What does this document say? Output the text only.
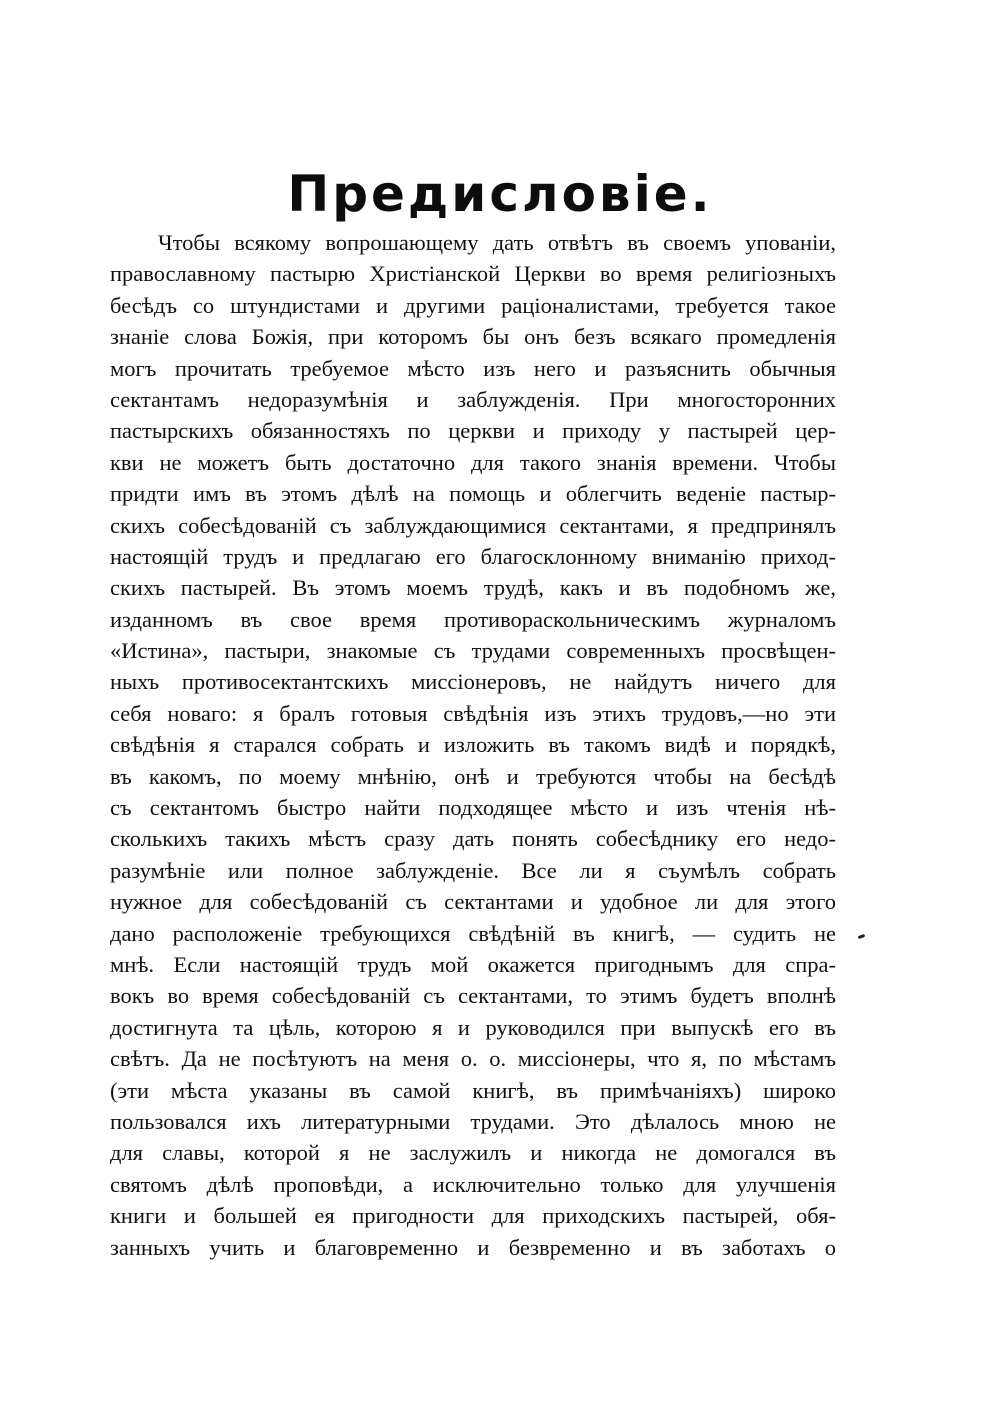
Предисловіе.
Чтобы всякому вопрошающему дать отвѣтъ въ своемъ упованіи,
православному пастырю Христіанской Церкви во время религіозныхъ
бесѣдъ со штундистами и другими раціоналистами, требуется такое
знаніе слова Божія, при которомъ бы онъ безъ всякаго промедленія
могъ прочитать требуемое мѣсто изъ него и разъяснить обычныя
сектантамъ недоразумѣнія и заблужденія. При многосторонних
пастырскихъ обязанностяхъ по церкви и приходу у пастырей цер-
кви не можетъ быть достаточно для такого знанія времени. Чтобы
придти имъ въ этомъ дѣлѣ на помощь и облегчить веденіе пастыр-
скихъ собесѣдованій съ заблуждающимися сектантами, я предпринялъ
настоящій трудъ и предлагаю его благосклонному вниманію приход-
скихъ пастырей. Въ этомъ моемъ трудѣ, какъ и въ подобномъ же,
изданномъ въ свое время противораскольническимъ журналомъ
«Истина», пастыри, знакомые съ трудами современныхъ просвѣщен-
ныхъ противосектантскихъ миссіонеровъ, не найдутъ ничего для
себя новаго: я бралъ готовыя свѣдѣнія изъ этихъ трудовъ,—но эти
свѣдѣнія я старался собрать и изложить въ такомъ видѣ и порядкѣ,
въ какомъ, по моему мнѣнію, онѣ и требуются чтобы на бесѣдѣ
съ сектантомъ быстро найти подходящее мѣсто и изъ чтенія нѣ-
сколькихъ такихъ мѣстъ сразу дать понять собесѣднику его недо-
разумѣніе или полное заблужденіе. Все ли я съумѣлъ собрать
нужное для собесѣдованій съ сектантами и удобное ли для этого
дано расположеніе требующихся свѣдѣній въ книгѣ, — судить не
мнѣ. Если настоящій трудъ мой окажется пригоднымъ для спра-
вокъ во время собесѣдованій съ сектантами, то этимъ будетъ вполнѣ
достигнута та цѣль, которою я и руководился при выпускѣ его въ
свѣтъ. Да не посѣтуютъ на меня о. о. миссіонеры, что я, по мѣстамъ
(эти мѣста указаны въ самой книгѣ, въ примѣчаніяхъ) широко
пользовался ихъ литературными трудами. Это дѣлалось мною не
для славы, которой я не заслужилъ и никогда не домогался въ
святомъ дѣлѣ проповѣди, а исключительно только для улучшенія
книги и большей ея пригодности для приходскихъ пастырей, обя-
занныхъ учить и благовременно и безвременно и въ заботахъ о
